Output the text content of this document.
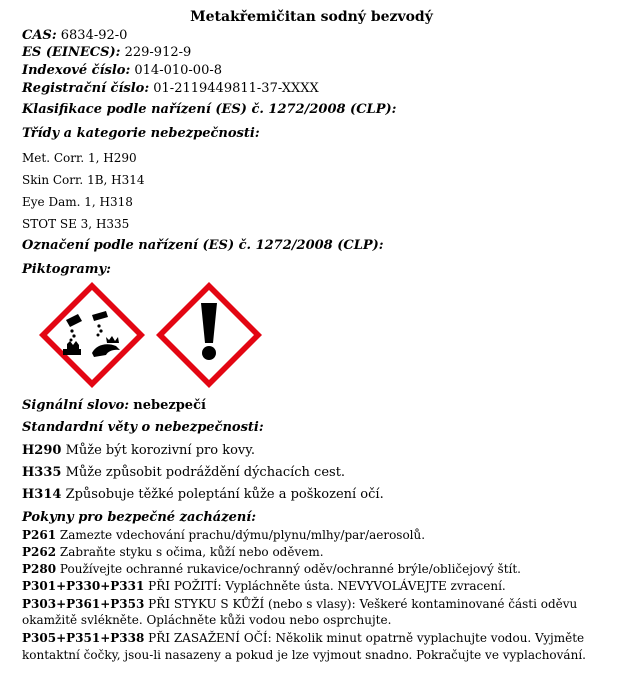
Metakřemičitan sodný bezvodý
CAS: 6834-92-0
ES (EINECS): 229-912-9
Indexové číslo: 014-010-00-8
Registrační číslo: 01-2119449811-37-XXXX
Klasifikace podle nařízení (ES) č. 1272/2008 (CLP):
Třídy a kategorie nebezpečnosti:
Met. Corr. 1, H290
Skin Corr. 1B, H314
Eye Dam. 1, H318
STOT SE 3, H335
Označení podle nařízení (ES) č. 1272/2008 (CLP):
Piktogramy:
Signální slovo: nebezpečí
Standardní věty o nebezpečnosti:
H290 Může být korozivní pro kovy.
H335 Může způsobit podráždění dýchacích cest.
H314 Způsobuje těžké poleptání kůže a poškození očí.
Pokyny pro bezpečné zacházení:
P261 Zamezte vdechování prachu/dýmu/plynu/mlhy/par/aerosolů.
P262 Zabraňte styku s očima, kůží nebo oděvem.
P280 Používejte ochranné rukavice/ochranný oděv/ochranné brýle/obličejový štít.
P301+P330+P331 PŘI POŽITÍ: Vypláchněte ústa. NEVYVOLÁVEJTE zvracení.
P303+P361+P353 PŘI STYKU S KŮŽÍ (nebo s vlasy): Veškeré kontaminované části oděvu
okamžitě svlékněte. Opláchněte kůži vodou nebo osprchujte.
P305+P351+P338 PŘI ZASAŽENÍ OČÍ: Několik minut opatrně vyplachujte vodou. Vyjměte
kontaktní čočky, jsou-li nasazeny a pokud je lze vyjmout snadno. Pokračujte ve vyplachování.
